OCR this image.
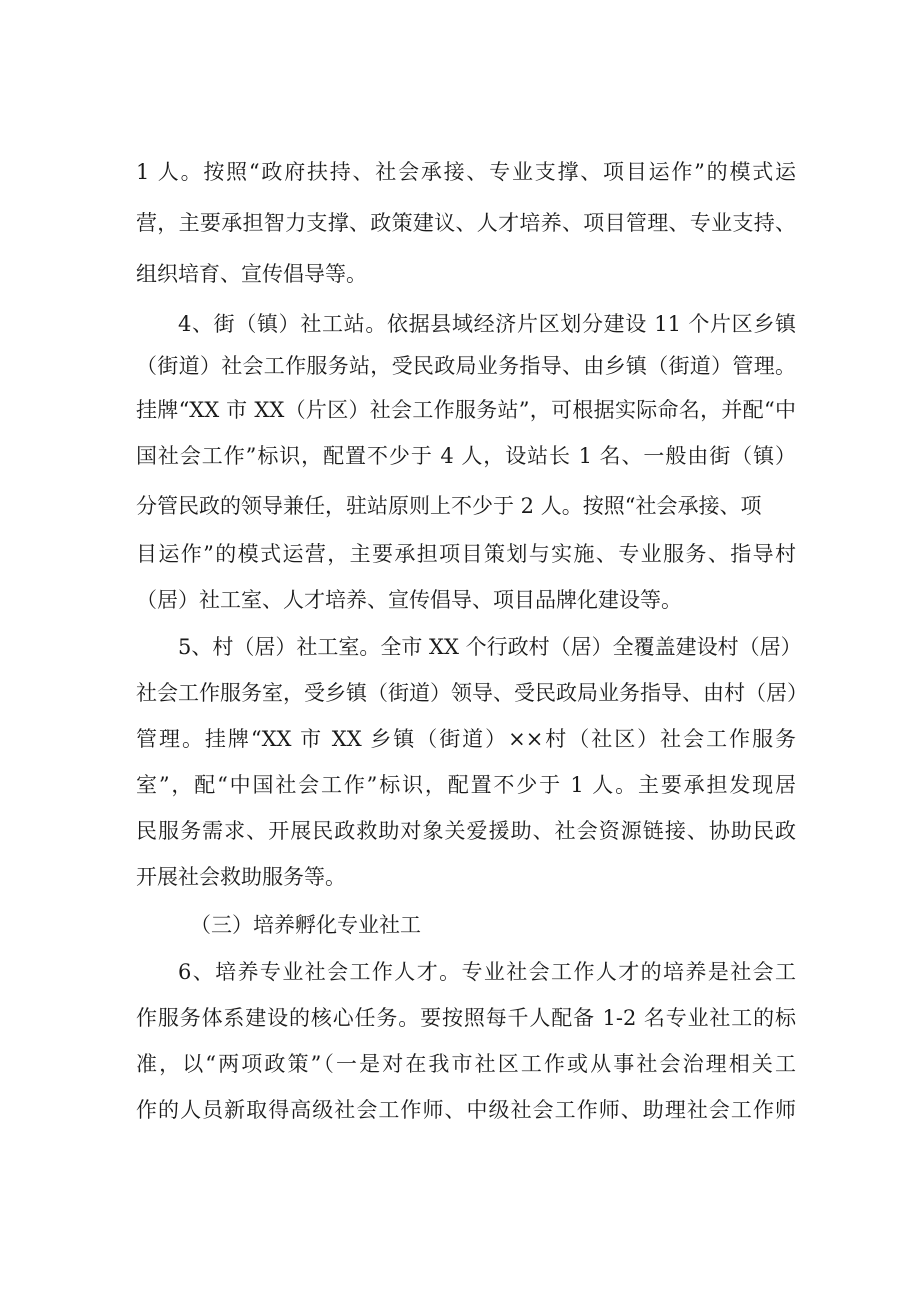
1 人。按照“政府扶持、社会承接、专业支撑、项目运作”的模式运
营，主要承担智力支撑、政策建议、人才培养、项目管理、专业支持、
组织培育、宣传倡导等。
4、街（镇）社工站。依据县域经济片区划分建设 11 个片区乡镇
（街道）社会工作服务站，受民政局业务指导、由乡镇（街道）管理。
挂牌“XX 市 XX（片区）社会工作服务站”，可根据实际命名，并配“中
国社会工作”标识，配置不少于 4 人，设站长 1 名、一般由街（镇）
分管民政的领导兼任，驻站原则上不少于 2 人。按照“社会承接、项
目运作”的模式运营，主要承担项目策划与实施、专业服务、指导村
（居）社工室、人才培养、宣传倡导、项目品牌化建设等。
5、村（居）社工室。全市 XX 个行政村（居）全覆盖建设村（居）
社会工作服务室，受乡镇（街道）领导、受民政局业务指导、由村（居）
管理。挂牌“XX 市 XX 乡镇（街道）××村（社区）社会工作服务
室”，配“中国社会工作”标识，配置不少于 1 人。主要承担发现居
民服务需求、开展民政救助对象关爱援助、社会资源链接、协助民政
开展社会救助服务等。
（三）培养孵化专业社工
6、培养专业社会工作人才。专业社会工作人才的培养是社会工
作服务体系建设的核心任务。要按照每千人配备 1-2 名专业社工的标
准，以“两项政策”（一是对在我市社区工作或从事社会治理相关工
作的人员新取得高级社会工作师、中级社会工作师、助理社会工作师
